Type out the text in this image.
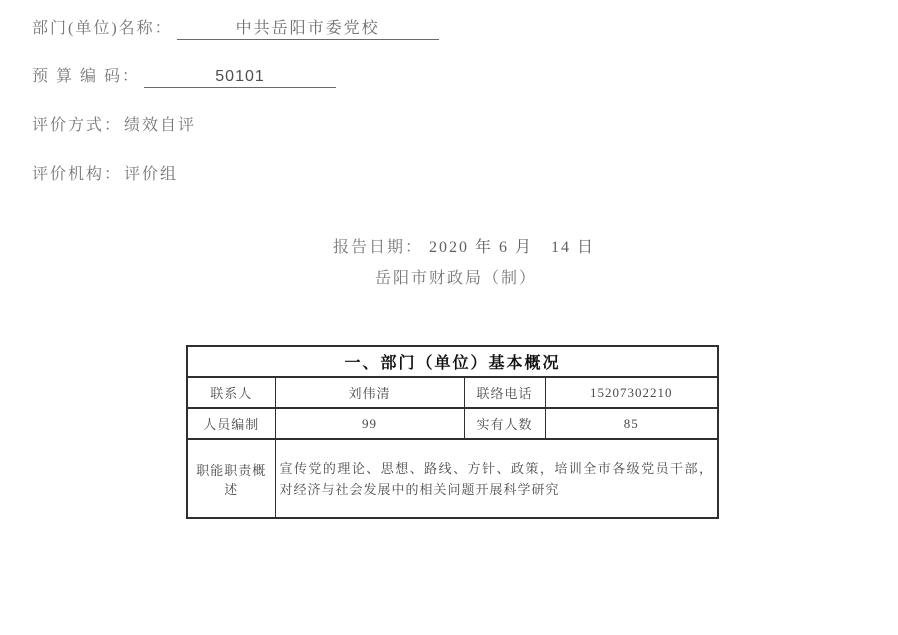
部门(单位)名称：	中共岳阳市委党校
预 算 编 码：	50101
评价方式： 绩效自评
评价机构： 评价组
报告日期： 2020 年 6 月　14 日
岳阳市财政局（制）
一、部门（单位）基本概况			
联系人	刘伟清	联络电话	15207302210
人员编制	99	实有人数	85
职能职责概述	宣传党的理论、思想、路线、方针、政策，培训全市各级党员干部，对经济与社会发展中的相关问题开展科学研究		
